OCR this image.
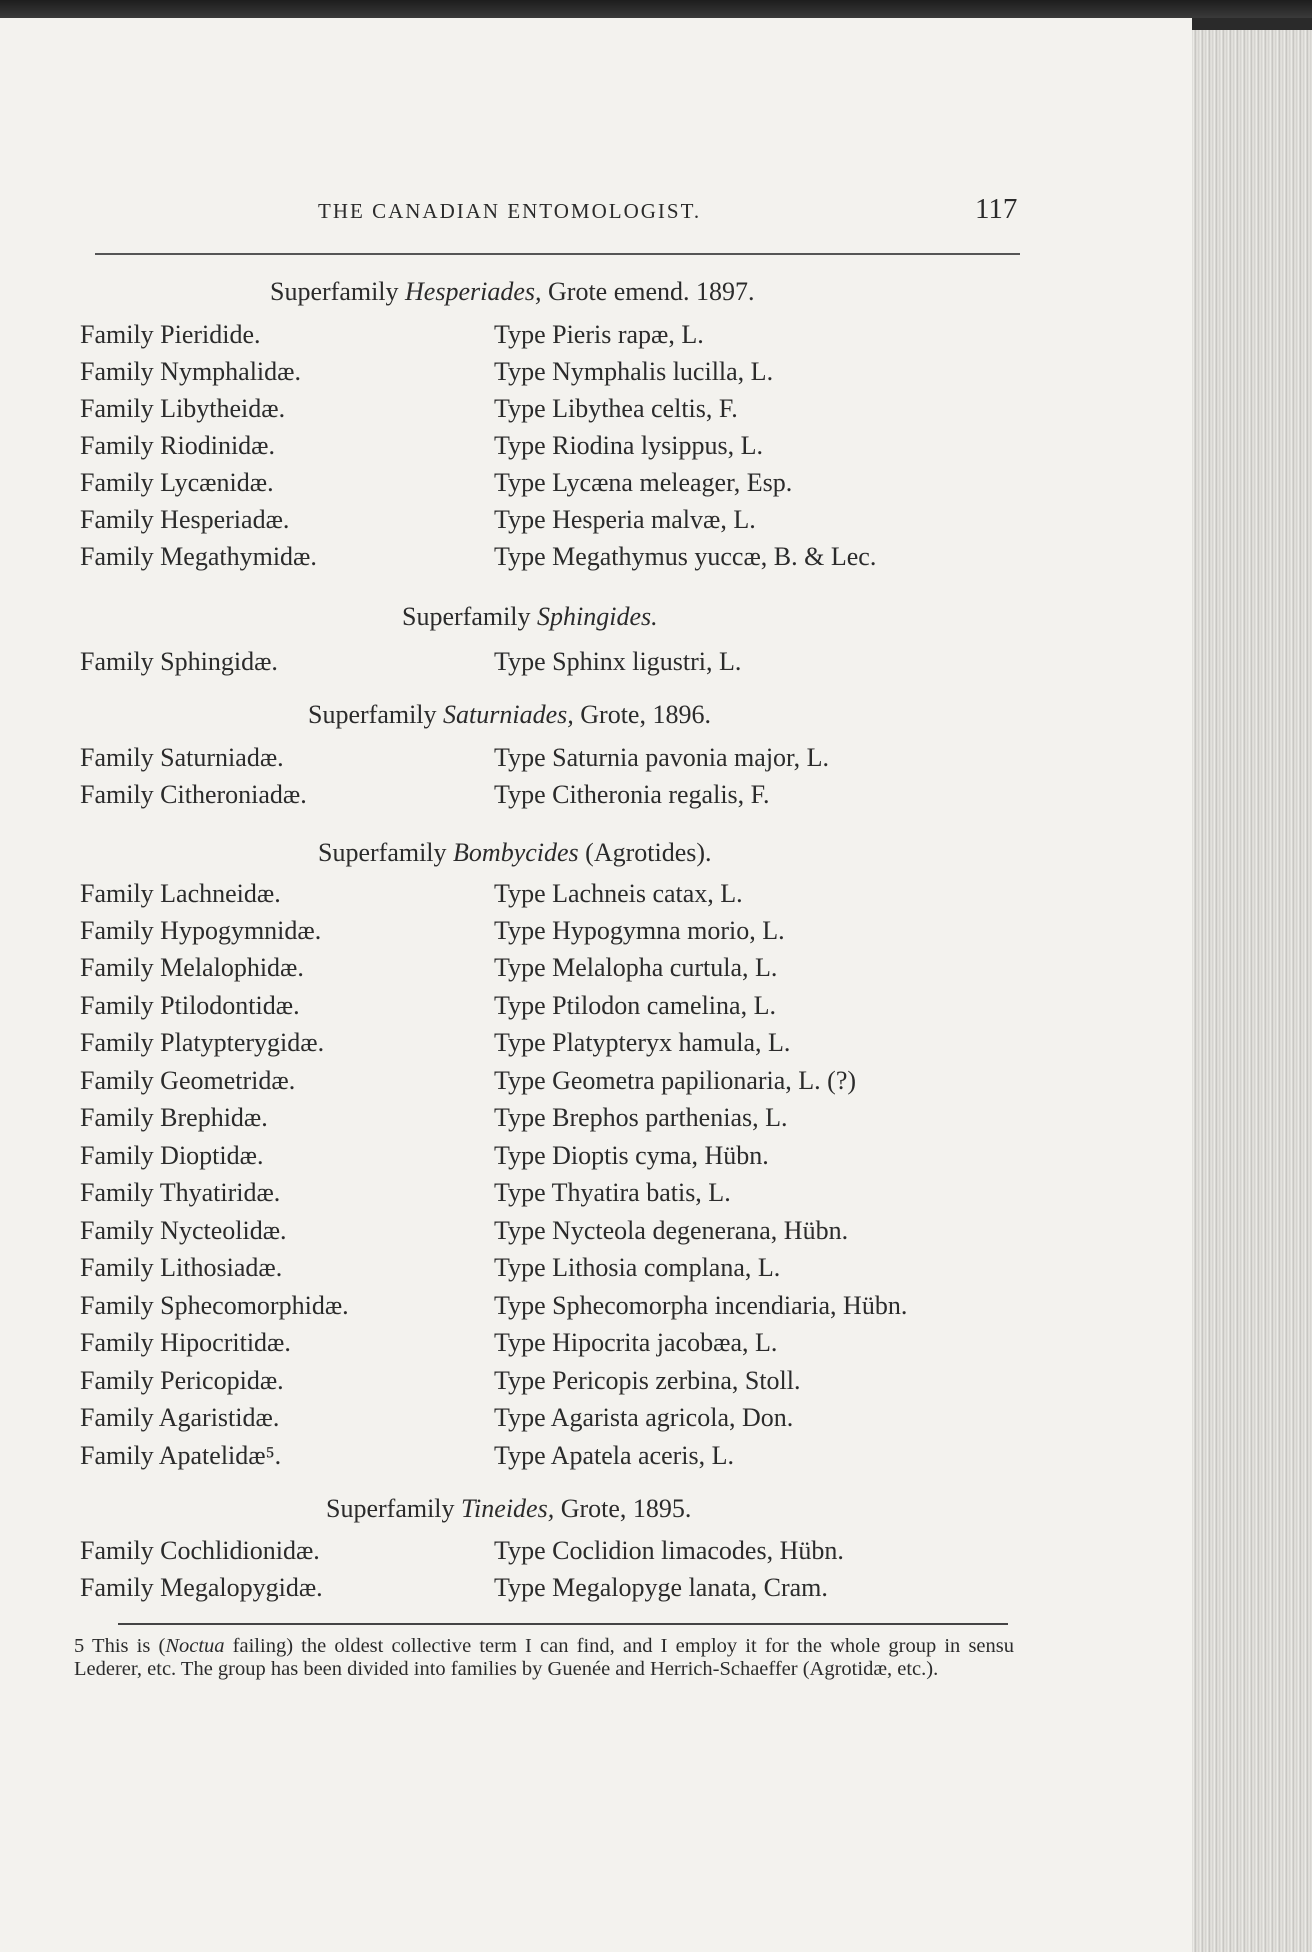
THE CANADIAN ENTOMOLOGIST.	117
Superfamily Hesperiades, Grote emend. 1897.
Family Pieridide.	Type Pieris rapæ, L.
Family Nymphalidæ.	Type Nymphalis lucilla, L.
Family Libytheidæ.	Type Libythea celtis, F.
Family Riodinidæ.	Type Riodina lysippus, L.
Family Lycænidæ.	Type Lycæna meleager, Esp.
Family Hesperiadæ.	Type Hesperia malvæ, L.
Family Megathymidæ.	Type Megathymus yuccæ, B. & Lec.
Superfamily Sphingides.
Family Sphingidæ.	Type Sphinx ligustri, L.
Superfamily Saturniades, Grote, 1896.
Family Saturniadæ.	Type Saturnia pavonia major, L.
Family Citheroniadæ.	Type Citheronia regalis, F.
Superfamily Bombycides (Agrotides).
Family Lachneidæ.	Type Lachneis catax, L.
Family Hypogymnidæ.	Type Hypogymna morio, L.
Family Melalophidæ.	Type Melalopha curtula, L.
Family Ptilodontidæ.	Type Ptilodon camelina, L.
Family Platypterygidæ.	Type Platypteryx hamula, L.
Family Geometridæ.	Type Geometra papilionaria, L. (?)
Family Brephidæ.	Type Brephos parthenias, L.
Family Dioptidæ.	Type Dioptis cyma, Hübn.
Family Thyatiridæ.	Type Thyatira batis, L.
Family Nycteolidæ.	Type Nycteola degenerana, Hübn.
Family Lithosiadæ.	Type Lithosia complana, L.
Family Sphecomorphidæ.	Type Sphecomorpha incendiaria, Hübn.
Family Hipocritidæ.	Type Hipocrita jacobæa, L.
Family Pericopidæ.	Type Pericopis zerbina, Stoll.
Family Agaristidæ.	Type Agarista agricola, Don.
Family Apatelidæ⁵.	Type Apatela aceris, L.
Superfamily Tineides, Grote, 1895.
Family Cochlidionidæ.	Type Coclidion limacodes, Hübn.
Family Megalopygidæ.	Type Megalopyge lanata, Cram.
5 This is (Noctua failing) the oldest collective term I can find, and I employ it for the whole group in sensu Lederer, etc. The group has been divided into families by Guenée and Herrich-Schaeffer (Agrotidæ, etc.).
